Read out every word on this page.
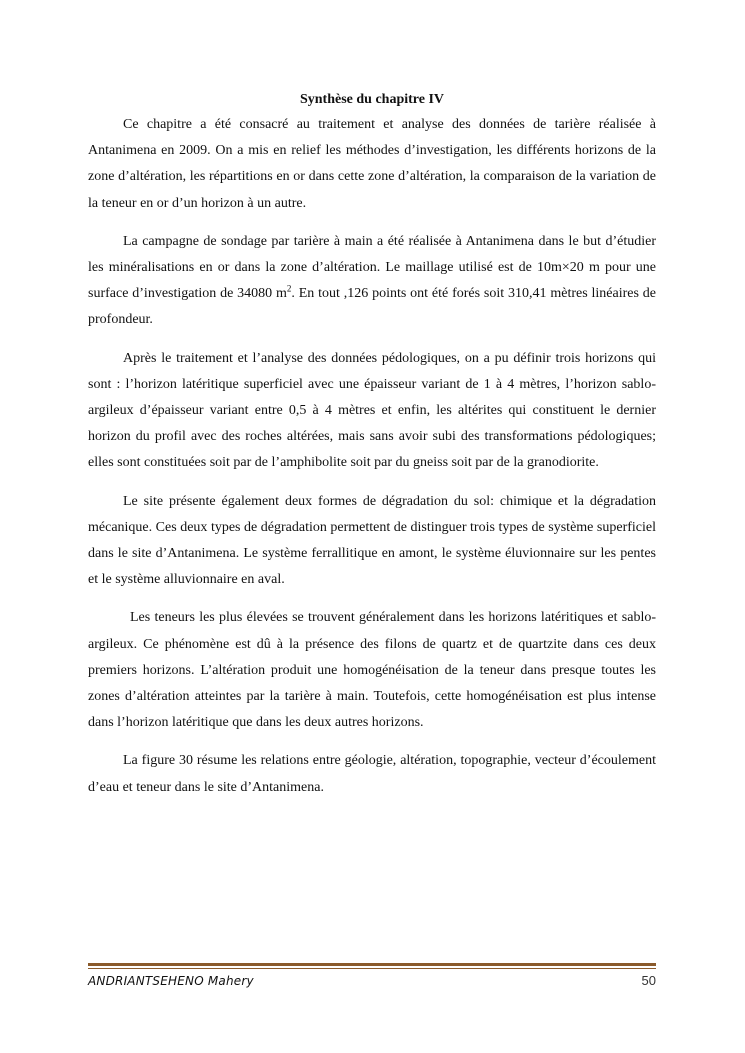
Synthèse du chapitre IV

Ce chapitre a été consacré au traitement et analyse des données de tarière réalisée à Antanimena en 2009. On a mis en relief les méthodes d’investigation, les différents horizons de la zone d’altération, les répartitions en or dans cette zone d’altération, la comparaison de la variation de la teneur en or d’un horizon à un autre.

La campagne de sondage par tarière à main a été réalisée à Antanimena dans le but d’étudier les minéralisations en or dans la zone d’altération. Le maillage utilisé est de 10m×20 m pour une surface d’investigation de 34080 $m^2$. En tout ,126 points ont été forés soit 310,41 mètres linéaires de profondeur.

Après le traitement et l’analyse des données pédologiques, on a pu définir trois horizons qui sont : l’horizon latéritique superficiel avec une épaisseur variant de 1 à 4 mètres, l’horizon sablo-argileux d’épaisseur variant entre 0,5 à 4 mètres et enfin, les altérites qui constituent le dernier horizon du profil avec des roches altérées, mais sans avoir subi des transformations pédologiques; elles sont constituées soit par de l’amphibolite soit par du gneiss soit par de la granodiorite.

Le site présente également deux formes de dégradation du sol: chimique et la dégradation mécanique. Ces deux types de dégradation permettent de distinguer trois types de système superficiel dans le site d’Antanimena. Le système ferrallitique en amont, le système éluvionnaire sur les pentes et le système alluvionnaire en aval.

Les teneurs les plus élevées se trouvent généralement dans les horizons latéritiques et sablo-argileux. Ce phénomène est dû à la présence des filons de quartz et de quartzite dans ces deux premiers horizons. L’altération produit une homogénéisation de la teneur dans presque toutes les zones d’altération atteintes par la tarière à main. Toutefois, cette homogénéisation est plus intense dans l’horizon latéritique que dans les deux autres horizons.

La figure 30 résume les relations entre géologie, altération, topographie, vecteur d’écoulement d’eau et teneur dans le site d’Antanimena.

ANDRIANTSEHENO Mahery	50
